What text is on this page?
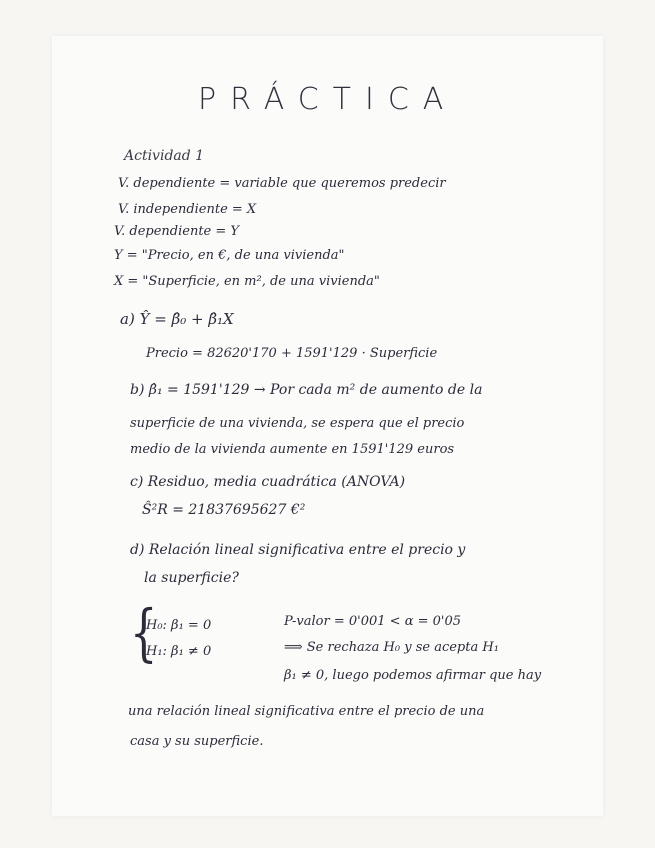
PRÁCTICA
Actividad 1
V. dependiente = variable que queremos predecir
V. independiente = X
V. dependiente = Y
Y = "Precio, en €, de una vivienda"
X = "Superficie, en m², de una vivienda"
a) Ŷ = β̂₀ + β̂₁X
Precio = 82620'170 + 1591'129 · Superficie
b) β̂₁ = 1591'129 → Por cada m² de aumento de la
superficie de una vivienda, se espera que el precio
medio de la vivienda aumente en 1591'129 euros
c) Residuo, media cuadrática (ANOVA)
Ŝ²R = 21837695627 €²
d) Relación lineal significativa entre el precio y
la superficie?
{
H₀: β₁ = 0
H₁: β₁ ≠ 0
P-valor = 0'001 < α = 0'05
⟹ Se rechaza H₀ y se acepta H₁
β₁ ≠ 0, luego podemos afirmar que hay
una relación lineal significativa entre el precio de una
casa y su superficie.
